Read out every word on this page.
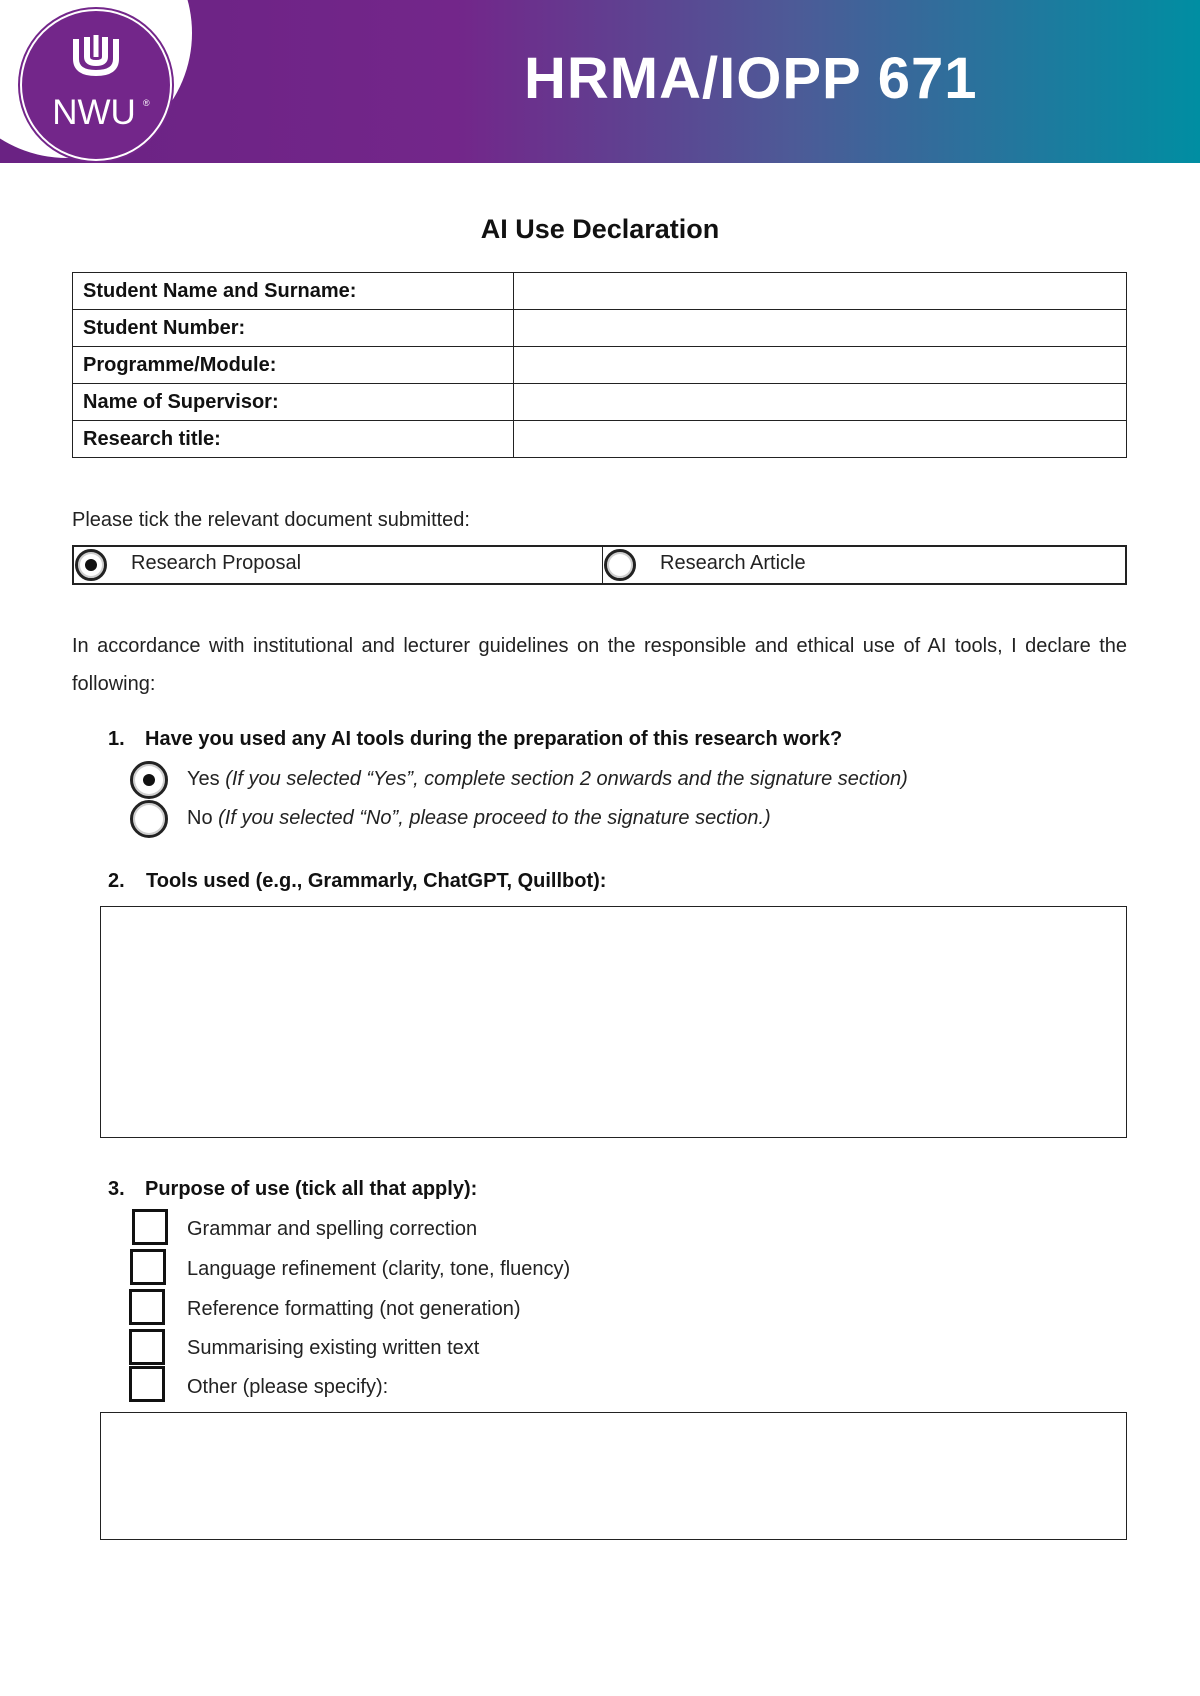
NWU ®	HRMA/IOPP 671
AI Use Declaration
Student Name and Surname:	
Student Number:	
Programme/Module:	
Name of Supervisor:	
Research title:	
Please tick the relevant document submitted:
Research Proposal	Research Article
In accordance with institutional and lecturer guidelines on the responsible and ethical use of AI tools, I declare the following:
1. Have you used any AI tools during the preparation of this research work?
Yes (If you selected “Yes”, complete section 2 onwards and the signature section)
No (If you selected “No”, please proceed to the signature section.)
2. Tools used (e.g., Grammarly, ChatGPT, Quillbot):
3. Purpose of use (tick all that apply):
Grammar and spelling correction
Language refinement (clarity, tone, fluency)
Reference formatting (not generation)
Summarising existing written text
Other (please specify):
